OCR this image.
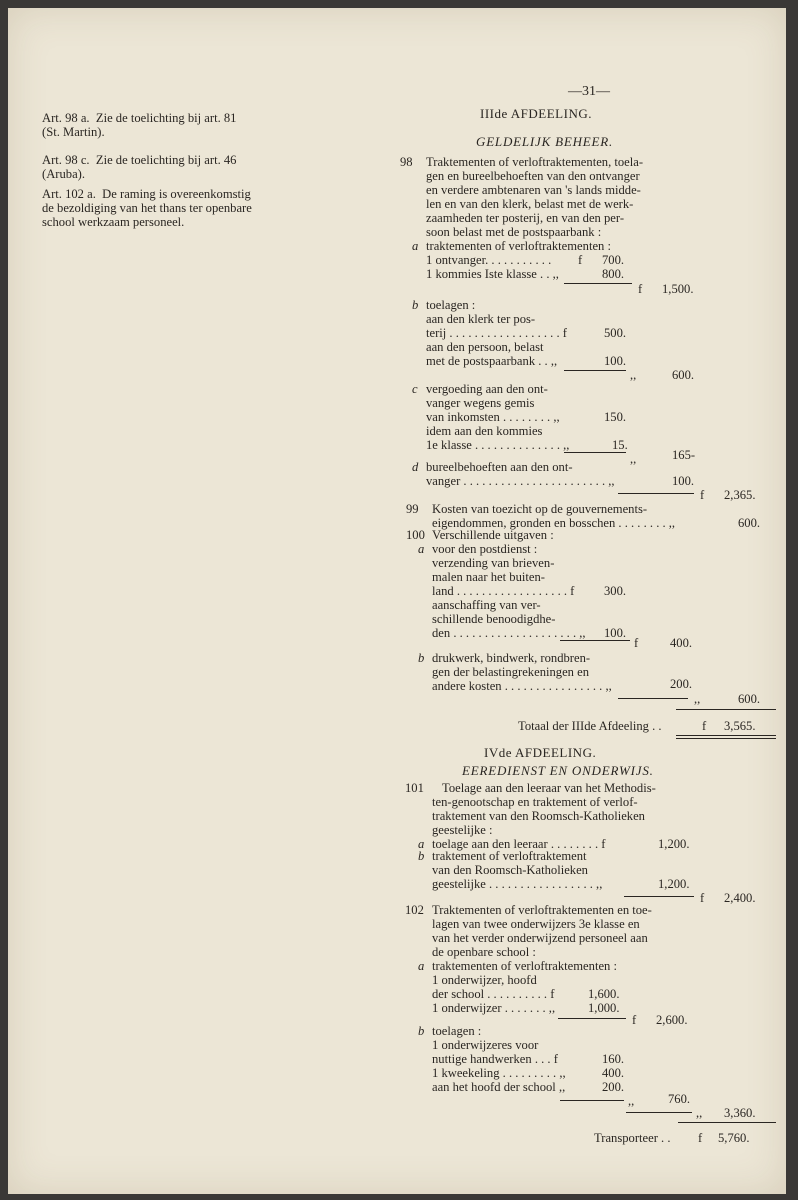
—31—
Art. 98 a. Zie de toelichting bij art. 81
(St. Martin).
Art. 98 c. Zie de toelichting bij art. 46
(Aruba).
Art. 102 a. De raming is overeenkomstig
de bezoldiging van het thans ter openbare
school werkzaam personeel.
IIIde AFDEELING.
GELDELIJK BEHEER.
98 Traktementen of verloftraktementen, toela-
gen en bureelbehoeften van den ontvanger
en verdere ambtenaren van 's lands midde-
len en van den klerk, belast met de werk-
zaamheden ter posterij, en van den per-
soon belast met de postspaarbank :
a traktementen of verloftraktementen :
1 ontvanger. . . . . . . . . . . f 700.
1 kommies Iste klasse . . ,,	800.
f 1,500.
b toelagen :
aan den klerk ter pos-
terij . . . . . . . . . . . . . . . . . . f	500.
aan den persoon, belast
met de postspaarbank . . ,,	100.
,,	600.
c vergoeding aan den ont-
vanger wegens gemis
van inkomsten . . . . . . . . ,,	150.
idem aan den kommies
1e klasse . . . . . . . . . . . . . . ,,	15.
,,	165-
d bureelbehoeften aan den ont-
vanger . . . . . . . . . . . . . . . . . . . . . . . ,,	100.
f 2,365.
99 Kosten van toezicht op de gouvernements-
eigendommen, gronden en bosschen . . . . . . . . ,,	600.
100 Verschillende uitgaven :
a voor den postdienst :
verzending van brieven-
malen naar het buiten-
land . . . . . . . . . . . . . . . . . . f 300.
aanschaffing van ver-
schillende benoodigdhe-
den . . . . . . . . . . . . . . . . . . . . ,, 100.
f	400.
b drukwerk, bindwerk, rondbren-
gen der belastingrekeningen en
andere kosten . . . . . . . . . . . . . . . . ,,	200.
,,	600.
Totaal der IIIde Afdeeling . .	f 3,565.
IVde AFDEELING.
EEREDIENST EN ONDERWIJS.
101 Toelage aan den leeraar van het Methodis-
ten-genootschap en traktement of verlof-
traktement van den Roomsch-Katholieken
geestelijke :
a toelage aan den leeraar . . . . . . . . f	1,200.
b traktement of verloftraktement
van den Roomsch-Katholieken
geestelijke . . . . . . . . . . . . . . . . . ,,	1,200.
f 2,400.
102 Traktementen of verloftraktementen en toe-
lagen van twee onderwijzers 3e klasse en
van het verder onderwijzend personeel aan
de openbare school :
a traktementen of verloftraktementen :
1 onderwijzer, hoofd
der school . . . . . . . . . . f	1,600.
1 onderwijzer . . . . . . . ,,	1,000.
f 2,600.
b toelagen :
1 onderwijzeres voor
nuttige handwerken . . . f	160.
1 kweekeling . . . . . . . . . ,,	400.
aan het hoofd der school ,,	200.
,,	760.
,, 3,360.
Transporteer . . f 5,760.
